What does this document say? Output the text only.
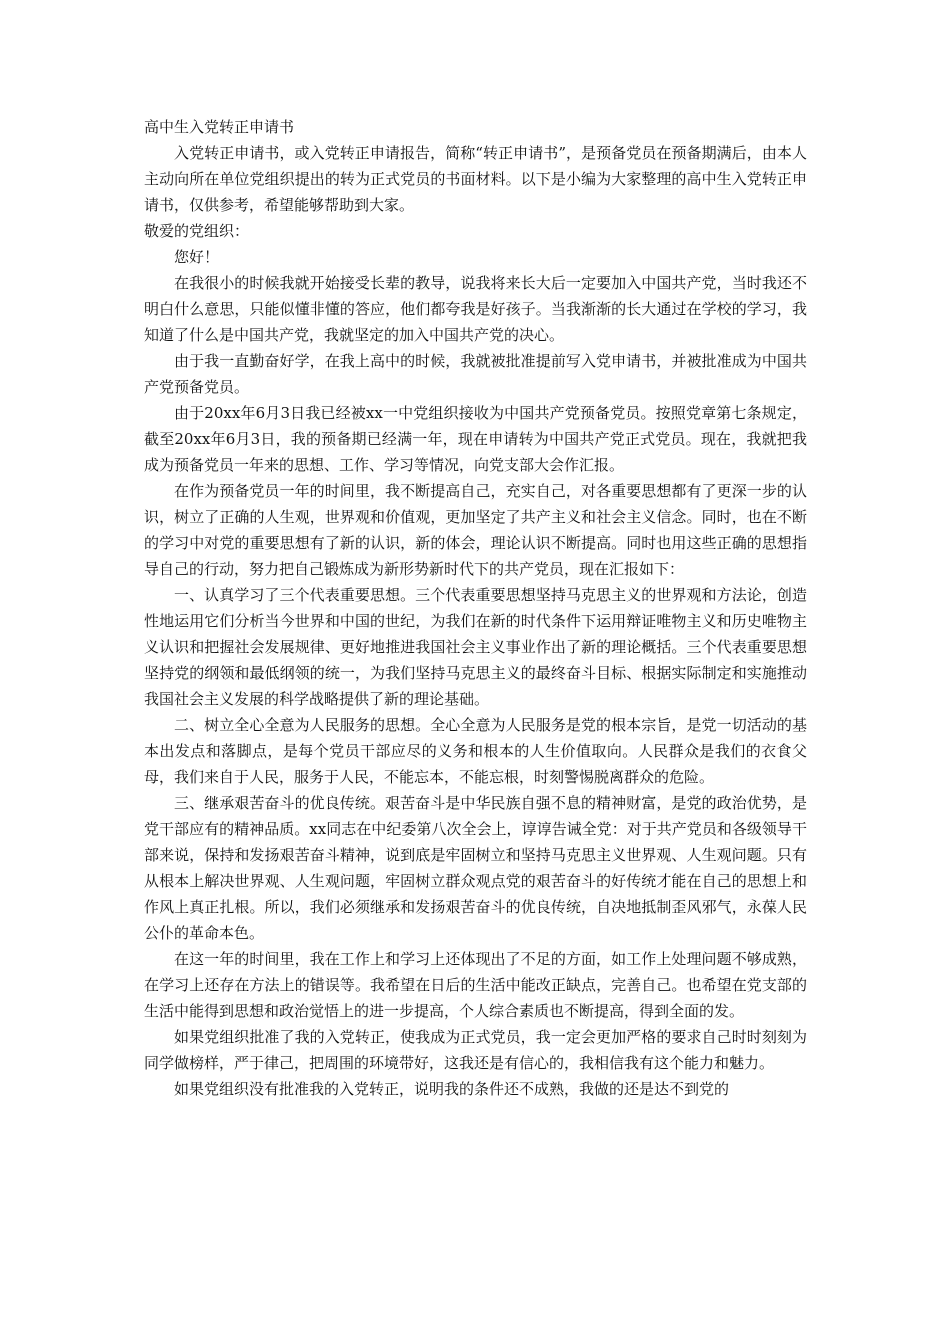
高中生入党转正申请书

入党转正申请书，或入党转正申请报告，简称“转正申请书”，是预备党员在预备期满后，由本人主动向所在单位党组织提出的转为正式党员的书面材料。以下是小编为大家整理的高中生入党转正申请书，仅供参考，希望能够帮助到大家。

敬爱的党组织：

您好！

在我很小的时候我就开始接受长辈的教导，说我将来长大后一定要加入中国共产党，当时我还不明白什么意思，只能似懂非懂的答应，他们都夸我是好孩子。当我渐渐的长大通过在学校的学习，我知道了什么是中国共产党，我就坚定的加入中国共产党的决心。

由于我一直勤奋好学，在我上高中的时候，我就被批准提前写入党申请书，并被批准成为中国共产党预备党员。

由于20xx年6月3日我已经被xx一中党组织接收为中国共产党预备党员。按照党章第七条规定，截至20xx年6月3日，我的预备期已经满一年，现在申请转为中国共产党正式党员。现在，我就把我成为预备党员一年来的思想、工作、学习等情况，向党支部大会作汇报。

在作为预备党员一年的时间里，我不断提高自己，充实自己，对各重要思想都有了更深一步的认识，树立了正确的人生观，世界观和价值观，更加坚定了共产主义和社会主义信念。同时，也在不断的学习中对党的重要思想有了新的认识，新的体会，理论认识不断提高。同时也用这些正确的思想指导自己的行动，努力把自己锻炼成为新形势新时代下的共产党员，现在汇报如下：

一、认真学习了三个代表重要思想。三个代表重要思想坚持马克思主义的世界观和方法论，创造性地运用它们分析当今世界和中国的世纪，为我们在新的时代条件下运用辩证唯物主义和历史唯物主义认识和把握社会发展规律、更好地推进我国社会主义事业作出了新的理论概括。三个代表重要思想坚持党的纲领和最低纲领的统一，为我们坚持马克思主义的最终奋斗目标、根据实际制定和实施推动我国社会主义发展的科学战略提供了新的理论基础。

二、树立全心全意为人民服务的思想。全心全意为人民服务是党的根本宗旨，是党一切活动的基本出发点和落脚点，是每个党员干部应尽的义务和根本的人生价值取向。人民群众是我们的衣食父母，我们来自于人民，服务于人民，不能忘本，不能忘根，时刻警惕脱离群众的危险。

三、继承艰苦奋斗的优良传统。艰苦奋斗是中华民族自强不息的精神财富，是党的政治优势，是党干部应有的精神品质。xx同志在中纪委第八次全会上，谆谆告诫全党：对于共产党员和各级领导干部来说，保持和发扬艰苦奋斗精神，说到底是牢固树立和坚持马克思主义世界观、人生观问题。只有从根本上解决世界观、人生观问题，牢固树立群众观点党的艰苦奋斗的好传统才能在自己的思想上和作风上真正扎根。所以，我们必须继承和发扬艰苦奋斗的优良传统，自决地抵制歪风邪气，永葆人民公仆的革命本色。

在这一年的时间里，我在工作上和学习上还体现出了不足的方面，如工作上处理问题不够成熟，在学习上还存在方法上的错误等。我希望在日后的生活中能改正缺点，完善自己。也希望在党支部的生活中能得到思想和政治觉悟上的进一步提高，个人综合素质也不断提高，得到全面的发。

如果党组织批准了我的入党转正，使我成为正式党员，我一定会更加严格的要求自己时时刻刻为同学做榜样，严于律己，把周围的环境带好，这我还是有信心的，我相信我有这个能力和魅力。

如果党组织没有批准我的入党转正，说明我的条件还不成熟，我做的还是达不到党的
